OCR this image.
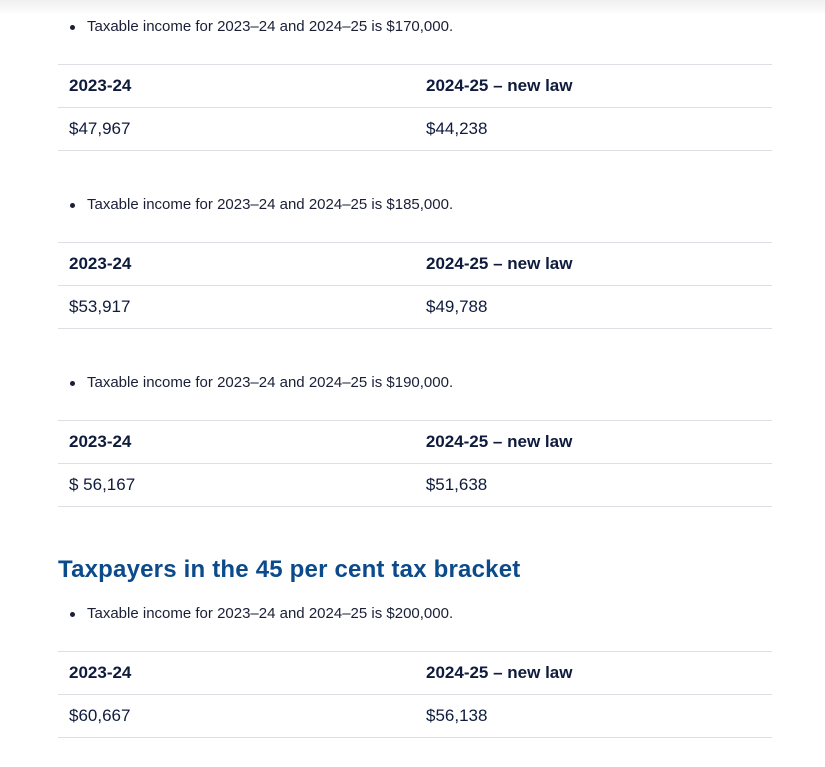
Taxable income for 2023–24 and 2024–25 is $170,000.
2023-24	2024-25 – new law
$47,967	$44,238
Taxable income for 2023–24 and 2024–25 is $185,000.
2023-24	2024-25 – new law
$53,917	$49,788
Taxable income for 2023–24 and 2024–25 is $190,000.
2023-24	2024-25 – new law
$ 56,167	$51,638
Taxpayers in the 45 per cent tax bracket
Taxable income for 2023–24 and 2024–25 is $200,000.
2023-24	2024-25 – new law
$60,667	$56,138
